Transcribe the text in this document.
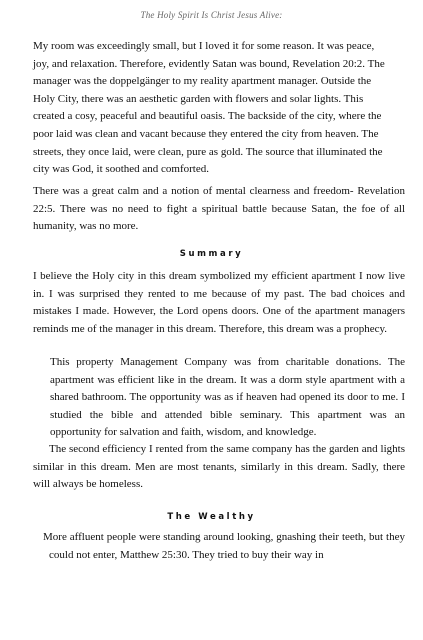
The Holy Spirit Is Christ Jesus Alive:

My room was exceedingly small, but I loved it for some reason. It was peace, joy, and relaxation. Therefore, evidently Satan was bound, Revelation 20:2. The manager was the doppelgänger to my reality apartment manager. Outside the Holy City, there was an aesthetic garden with flowers and solar lights. This created a cosy, peaceful and beautiful oasis. The backside of the city, where the poor laid was clean and vacant because they entered the city from heaven. The streets, they once laid, were clean, pure as gold. The source that illuminated the city was God, it soothed and comforted.

There was a great calm and a notion of mental clearness and freedom- Revelation 22:5. There was no need to fight a spiritual battle because Satan, the foe of all humanity, was no more.

Summary

I believe the Holy city in this dream symbolized my efficient apartment I now live in. I was surprised they rented to me because of my past. The bad choices and mistakes I made. However, the Lord opens doors. One of the apartment managers reminds me of the manager in this dream. Therefore, this dream was a prophecy.

This property Management Company was from charitable donations. The apartment was efficient like in the dream. It was a dorm style apartment with a shared bathroom. The opportunity was as if heaven had opened its door to me. I studied the bible and attended bible seminary. This apartment was an opportunity for salvation and faith, wisdom, and knowledge.

The second efficiency I rented from the same company has the garden and lights similar in this dream. Men are most tenants, similarly in this dream. Sadly, there will always be homeless.

The Wealthy

More affluent people were standing around looking, gnashing their teeth, but they could not enter, Matthew 25:30. They tried to buy their way in
